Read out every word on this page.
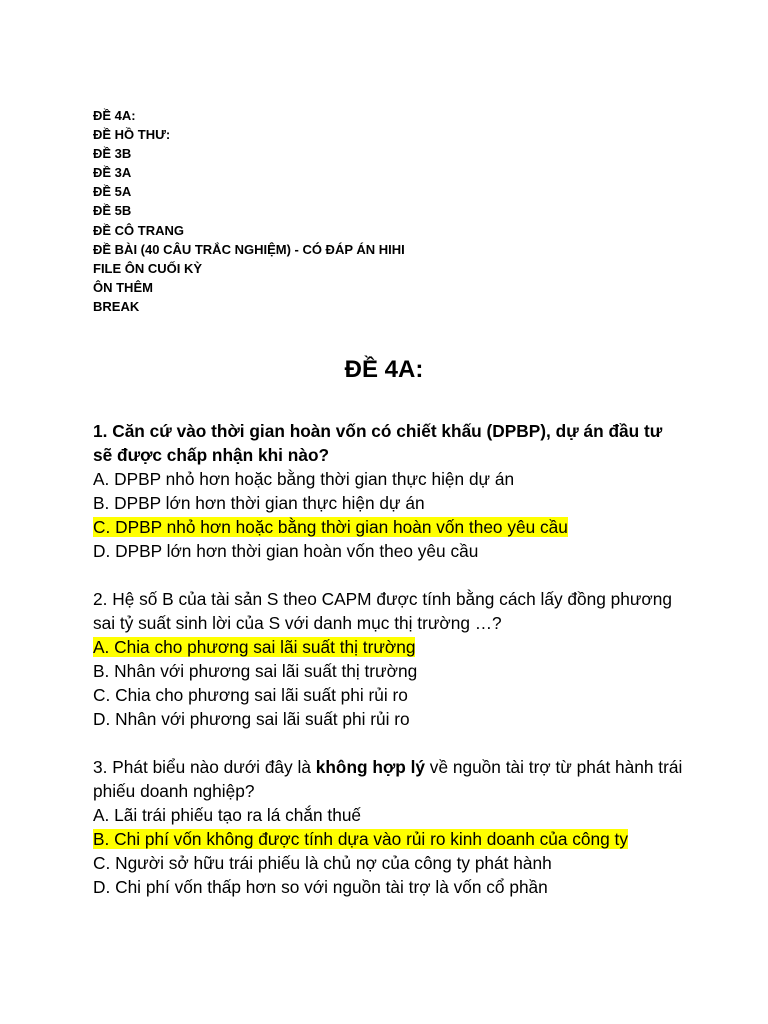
ĐỀ 4A:
ĐỀ HỒ THƯ:
ĐỀ 3B
ĐỀ 3A
ĐỀ 5A
ĐỀ 5B
ĐỀ CÔ TRANG
ĐỀ BÀI (40 CÂU TRẮC NGHIỆM) - CÓ ĐÁP ÁN HIHI
FILE ÔN CUỐI KỲ
ÔN THÊM
BREAK
ĐỀ 4A:
1. Căn cứ vào thời gian hoàn vốn có chiết khấu (DPBP), dự án đầu tư sẽ được chấp nhận khi nào?
A. DPBP nhỏ hơn hoặc bằng thời gian thực hiện dự án
B. DPBP lớn hơn thời gian thực hiện dự án
C. DPBP nhỏ hơn hoặc bằng thời gian hoàn vốn theo yêu cầu
D. DPBP lớn hơn thời gian hoàn vốn theo yêu cầu
2. Hệ số B của tài sản S theo CAPM được tính bằng cách lấy đồng phương sai tỷ suất sinh lời của S với danh mục thị trường …?
A. Chia cho phương sai lãi suất thị trường
B. Nhân với phương sai lãi suất thị trường
C. Chia cho phương sai lãi suất phi rủi ro
D. Nhân với phương sai lãi suất phi rủi ro
3. Phát biểu nào dưới đây là không hợp lý về nguồn tài trợ từ phát hành trái phiếu doanh nghiệp?
A. Lãi trái phiếu tạo ra lá chắn thuế
B. Chi phí vốn không được tính dựa vào rủi ro kinh doanh của công ty
C. Người sở hữu trái phiếu là chủ nợ của công ty phát hành
D. Chi phí vốn thấp hơn so với nguồn tài trợ là vốn cổ phần
